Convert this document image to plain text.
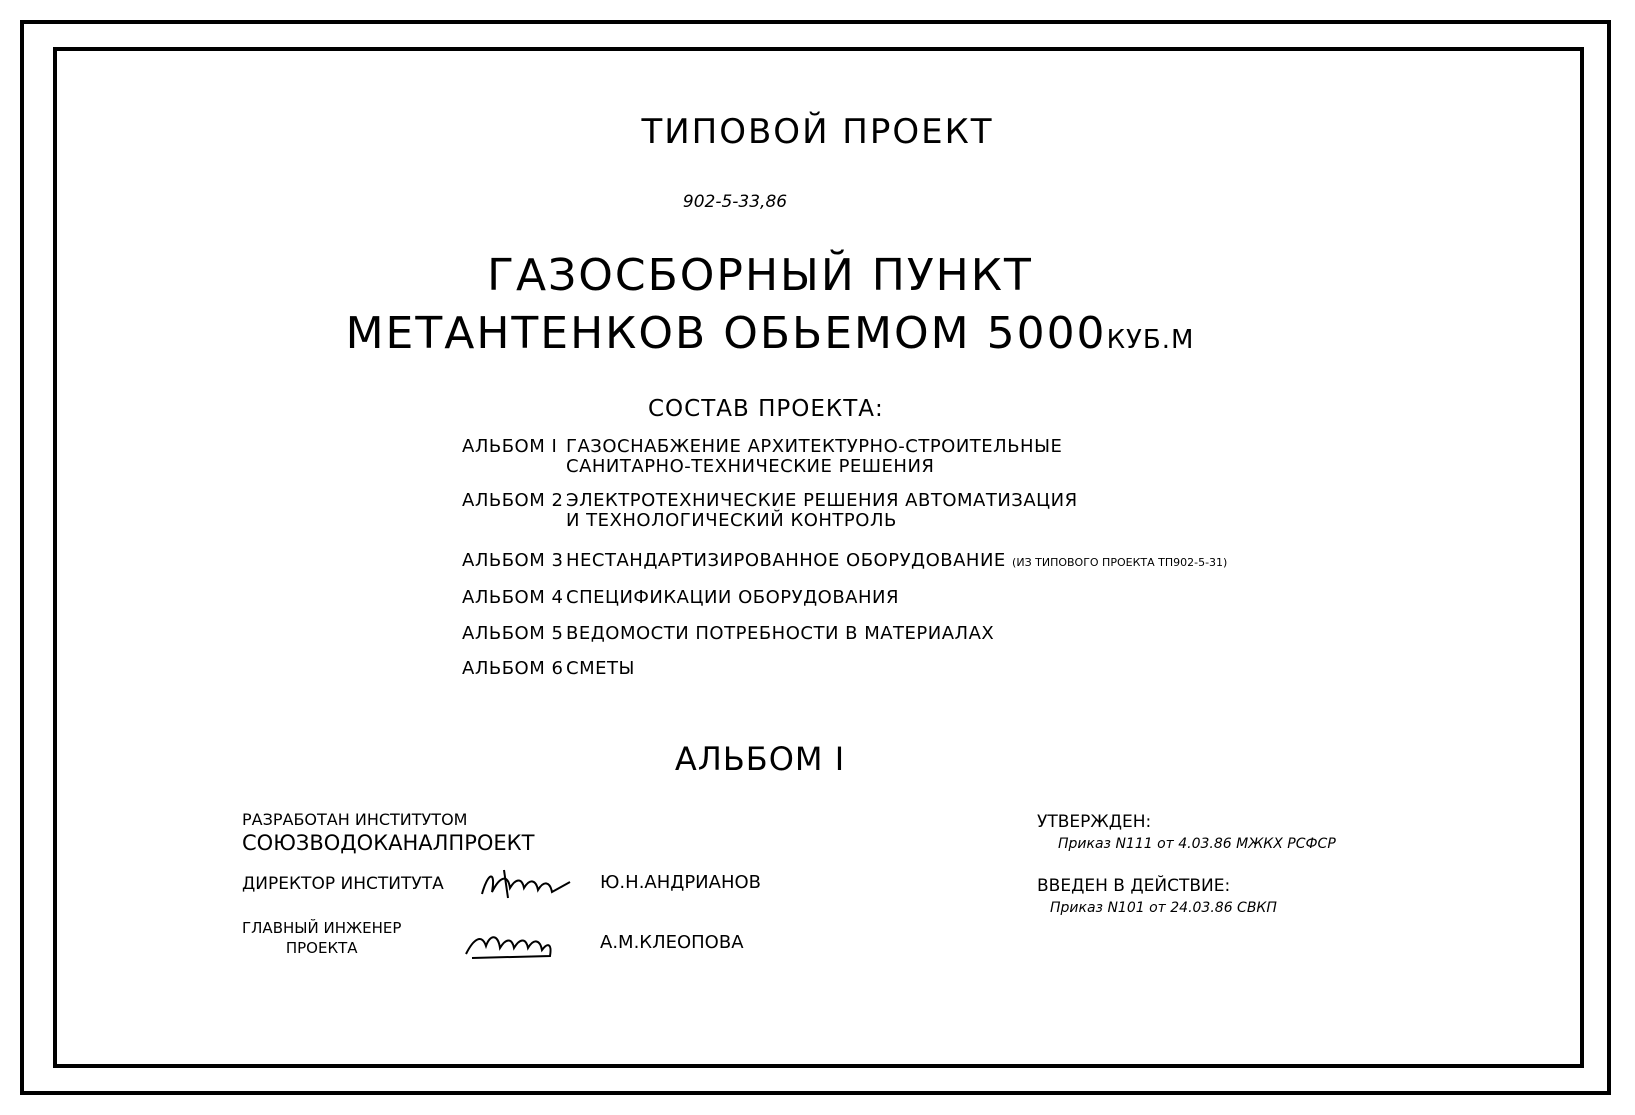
ТИПОВОЙ ПРОЕКТ
902-5-33,86
ГАЗОСБОРНЫЙ ПУНКТ
МЕТАНТЕНКОВ ОБЬЕМОМ 5000КУБ.М
СОСТАВ ПРОЕКТА:
АЛЬБОМ I ГАЗОСНАБЖЕНИЕ АРХИТЕКТУРНО-СТРОИТЕЛЬНЫЕ
САНИТАРНО-ТЕХНИЧЕСКИЕ РЕШЕНИЯ
АЛЬБОМ 2 ЭЛЕКТРОТЕХНИЧЕСКИЕ РЕШЕНИЯ АВТОМАТИЗАЦИЯ
И ТЕХНОЛОГИЧЕСКИЙ КОНТРОЛЬ
АЛЬБОМ 3 НЕСТАНДАРТИЗИРОВАННОЕ ОБОРУДОВАНИЕ (ИЗ ТИПОВОГО ПРОЕКТА ТП902-5-31)
АЛЬБОМ 4 СПЕЦИФИКАЦИИ ОБОРУДОВАНИЯ
АЛЬБОМ 5 ВЕДОМОСТИ ПОТРЕБНОСТИ В МАТЕРИАЛАХ
АЛЬБОМ 6 СМЕТЫ
АЛЬБОМ I
РАЗРАБОТАН ИНСТИТУТОМ
СОЮЗВОДОКАНАЛПРОЕКТ
ДИРЕКТОР ИНСТИТУТА	Ю.Н.АНДРИАНОВ
ГЛАВНЫЙ ИНЖЕНЕР
ПРОЕКТА	А.М.КЛЕОПОВА
УТВЕРЖДЕН:
Приказ N111 от 4.03.86 МЖКХ РСФСР
ВВЕДЕН В ДЕЙСТВИЕ:
Приказ N101 от 24.03.86 СВКП
